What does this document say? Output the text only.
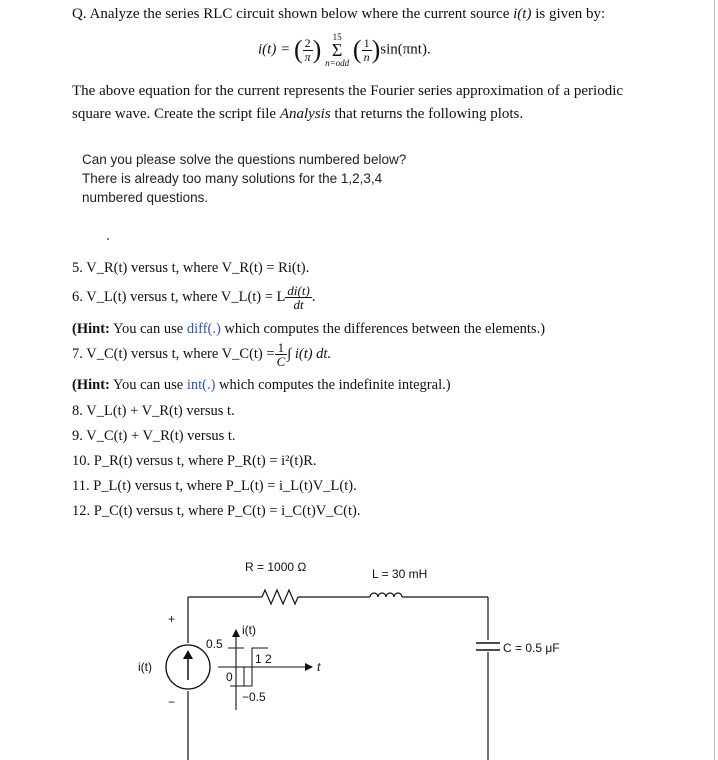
Q. Analyze the series RLC circuit shown below where the current source i(t) is given by:
i(t) = ( $\frac{2}{\pi}$ )	15
Σ
n=odd ( $\frac{1}{n} )\sin(\pi nt)$.
The above equation for the current represents the Fourier series approximation of a periodic
square wave. Create the script file Analysis that returns the following plots.
Can you please solve the questions numbered below?
There is already too many solutions for the 1,2,3,4
numbered questions.
5. V_R(t) versus t, where V_R(t) = Ri(t).
6. V_L(t) versus t, where V_L(t) = L $\frac{di(t)}{dt}$ .
(Hint: You can use diff(.) which computes the differences between the elements.)
7. V_C(t) versus t, where V_C(t) = $\frac{1}{C}$ ∫ i(t) dt.
(Hint: You can use int(.) which computes the indefinite integral.)
8. V_L(t) + V_R(t) versus t.
9. V_C(t) + V_R(t) versus t.
10. P_R(t) versus t, where P_R(t) = i²(t)R.
11. P_L(t) versus t, where P_L(t) = i_L(t)V_L(t).
12. P_C(t) versus t, where P_C(t) = i_C(t)V_C(t).
R = 1000 Ω	L = 30 mH
C = 0.5 μF
i(t)
+
−
i(t)
t
0.5
−0.5
0
1 2
